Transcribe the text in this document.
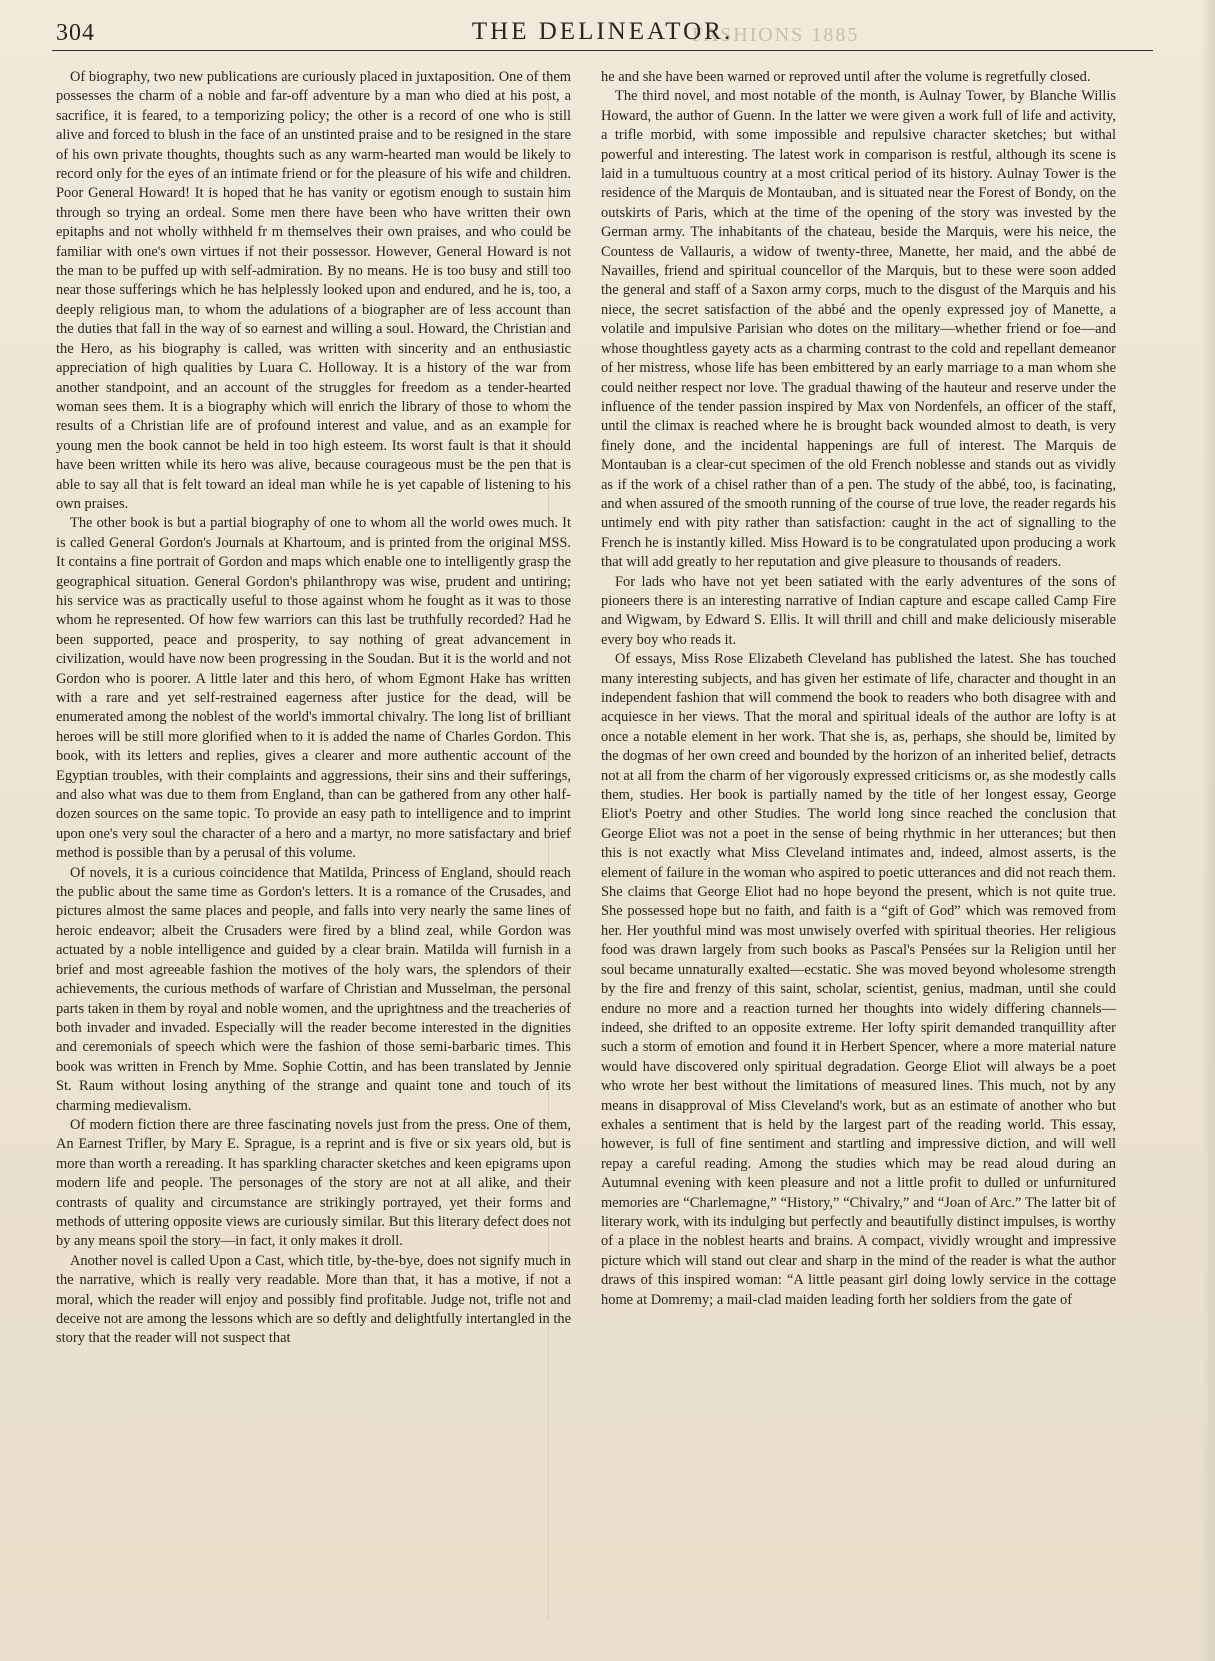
304	FASHIONS 1885
THE DELINEATOR.

Of biography, two new publications are curiously placed in juxtaposition. One of them possesses the charm of a noble and far-off adventure by a man who died at his post, a sacrifice, it is feared, to a temporizing policy; the other is a record of one who is still alive and forced to blush in the face of an unstinted praise and to be resigned in the stare of his own private thoughts, thoughts such as any warm-hearted man would be likely to record only for the eyes of an intimate friend or for the pleasure of his wife and children. Poor General Howard! It is hoped that he has vanity or egotism enough to sustain him through so trying an ordeal. Some men there have been who have written their own epitaphs and not wholly withheld fr m themselves their own praises, and who could be familiar with one's own virtues if not their possessor. However, General Howard is not the man to be puffed up with self-admiration. By no means. He is too busy and still too near those sufferings which he has helplessly looked upon and endured, and he is, too, a deeply religious man, to whom the adulations of a biographer are of less account than the duties that fall in the way of so earnest and willing a soul. Howard, the Christian and the Hero, as his biography is called, was written with sincerity and an enthusiastic appreciation of high qualities by Luara C. Holloway. It is a history of the war from another standpoint, and an account of the struggles for freedom as a tender-hearted woman sees them. It is a biography which will enrich the library of those to whom the results of a Christian life are of profound interest and value, and as an example for young men the book cannot be held in too high esteem. Its worst fault is that it should have been written while its hero was alive, because courageous must be the pen that is able to say all that is felt toward an ideal man while he is yet capable of listening to his own praises.

The other book is but a partial biography of one to whom all the world owes much. It is called General Gordon's Journals at Khartoum, and is printed from the original MSS. It contains a fine portrait of Gordon and maps which enable one to intelligently grasp the geographical situation. General Gordon's philanthropy was wise, prudent and untiring; his service was as practically useful to those against whom he fought as it was to those whom he represented. Of how few warriors can this last be truthfully recorded? Had he been supported, peace and prosperity, to say nothing of great advancement in civilization, would have now been progressing in the Soudan. But it is the world and not Gordon who is poorer. A little later and this hero, of whom Egmont Hake has written with a rare and yet self-restrained eagerness after justice for the dead, will be enumerated among the noblest of the world's immortal chivalry. The long list of brilliant heroes will be still more glorified when to it is added the name of Charles Gordon. This book, with its letters and replies, gives a clearer and more authentic account of the Egyptian troubles, with their complaints and aggressions, their sins and their sufferings, and also what was due to them from England, than can be gathered from any other half-dozen sources on the same topic. To provide an easy path to intelligence and to imprint upon one's very soul the character of a hero and a martyr, no more satisfactary and brief method is possible than by a perusal of this volume.

Of novels, it is a curious coincidence that Matilda, Princess of England, should reach the public about the same time as Gordon's letters. It is a romance of the Crusades, and pictures almost the same places and people, and falls into very nearly the same lines of heroic endeavor; albeit the Crusaders were fired by a blind zeal, while Gordon was actuated by a noble intelligence and guided by a clear brain. Matilda will furnish in a brief and most agreeable fashion the motives of the holy wars, the splendors of their achievements, the curious methods of warfare of Christian and Musselman, the personal parts taken in them by royal and noble women, and the uprightness and the treacheries of both invader and invaded. Especially will the reader become interested in the dignities and ceremonials of speech which were the fashion of those semi-barbaric times. This book was written in French by Mme. Sophie Cottin, and has been translated by Jennie St. Raum without losing anything of the strange and quaint tone and touch of its charming medievalism.

Of modern fiction there are three fascinating novels just from the press. One of them, An Earnest Trifler, by Mary E. Sprague, is a reprint and is five or six years old, but is more than worth a rereading. It has sparkling character sketches and keen epigrams upon modern life and people. The personages of the story are not at all alike, and their contrasts of quality and circumstance are strikingly portrayed, yet their forms and methods of uttering opposite views are curiously similar. But this literary defect does not by any means spoil the story—in fact, it only makes it droll.

Another novel is called Upon a Cast, which title, by-the-bye, does not signify much in the narrative, which is really very readable. More than that, it has a motive, if not a moral, which the reader will enjoy and possibly find profitable. Judge not, trifle not and deceive not are among the lessons which are so deftly and delightfully intertangled in the story that the reader will not suspect that

he and she have been warned or reproved until after the volume is regretfully closed.

The third novel, and most notable of the month, is Aulnay Tower, by Blanche Willis Howard, the author of Guenn. In the latter we were given a work full of life and activity, a trifle morbid, with some impossible and repulsive character sketches; but withal powerful and interesting. The latest work in comparison is restful, although its scene is laid in a tumultuous country at a most critical period of its history. Aulnay Tower is the residence of the Marquis de Montauban, and is situated near the Forest of Bondy, on the outskirts of Paris, which at the time of the opening of the story was invested by the German army. The inhabitants of the chateau, beside the Marquis, were his neice, the Countess de Vallauris, a widow of twenty-three, Manette, her maid, and the abbé de Navailles, friend and spiritual councellor of the Marquis, but to these were soon added the general and staff of a Saxon army corps, much to the disgust of the Marquis and his niece, the secret satisfaction of the abbé and the openly expressed joy of Manette, a volatile and impulsive Parisian who dotes on the military—whether friend or foe—and whose thoughtless gayety acts as a charming contrast to the cold and repellant demeanor of her mistress, whose life has been embittered by an early marriage to a man whom she could neither respect nor love. The gradual thawing of the hauteur and reserve under the influence of the tender passion inspired by Max von Nordenfels, an officer of the staff, until the climax is reached where he is brought back wounded almost to death, is very finely done, and the incidental happenings are full of interest. The Marquis de Montauban is a clear-cut specimen of the old French noblesse and stands out as vividly as if the work of a chisel rather than of a pen. The study of the abbé, too, is facinating, and when assured of the smooth running of the course of true love, the reader regards his untimely end with pity rather than satisfaction: caught in the act of signalling to the French he is instantly killed. Miss Howard is to be congratulated upon producing a work that will add greatly to her reputation and give pleasure to thousands of readers.

For lads who have not yet been satiated with the early adventures of the sons of pioneers there is an interesting narrative of Indian capture and escape called Camp Fire and Wigwam, by Edward S. Ellis. It will thrill and chill and make deliciously miserable every boy who reads it.

Of essays, Miss Rose Elizabeth Cleveland has published the latest. She has touched many interesting subjects, and has given her estimate of life, character and thought in an independent fashion that will commend the book to readers who both disagree with and acquiesce in her views. That the moral and spiritual ideals of the author are lofty is at once a notable element in her work. That she is, as, perhaps, she should be, limited by the dogmas of her own creed and bounded by the horizon of an inherited belief, detracts not at all from the charm of her vigorously expressed criticisms or, as she modestly calls them, studies. Her book is partially named by the title of her longest essay, George Eliot's Poetry and other Studies. The world long since reached the conclusion that George Eliot was not a poet in the sense of being rhythmic in her utterances; but then this is not exactly what Miss Cleveland intimates and, indeed, almost asserts, is the element of failure in the woman who aspired to poetic utterances and did not reach them. She claims that George Eliot had no hope beyond the present, which is not quite true. She possessed hope but no faith, and faith is a “gift of God” which was removed from her. Her youthful mind was most unwisely overfed with spiritual theories. Her religious food was drawn largely from such books as Pascal's Pensées sur la Religion until her soul became unnaturally exalted—ecstatic. She was moved beyond wholesome strength by the fire and frenzy of this saint, scholar, scientist, genius, madman, until she could endure no more and a reaction turned her thoughts into widely differing channels—indeed, she drifted to an opposite extreme. Her lofty spirit demanded tranquillity after such a storm of emotion and found it in Herbert Spencer, where a more material nature would have discovered only spiritual degradation. George Eliot will always be a poet who wrote her best without the limitations of measured lines. This much, not by any means in disapproval of Miss Cleveland's work, but as an estimate of another who but exhales a sentiment that is held by the largest part of the reading world. This essay, however, is full of fine sentiment and startling and impressive diction, and will well repay a careful reading. Among the studies which may be read aloud during an Autumnal evening with keen pleasure and not a little profit to dulled or unfurnitured memories are “Charlemagne,” “History,” “Chivalry,” and “Joan of Arc.” The latter bit of literary work, with its indulging but perfectly and beautifully distinct impulses, is worthy of a place in the noblest hearts and brains. A compact, vividly wrought and impressive picture which will stand out clear and sharp in the mind of the reader is what the author draws of this inspired woman: “A little peasant girl doing lowly service in the cottage home at Domremy; a mail-clad maiden leading forth her soldiers from the gate of
